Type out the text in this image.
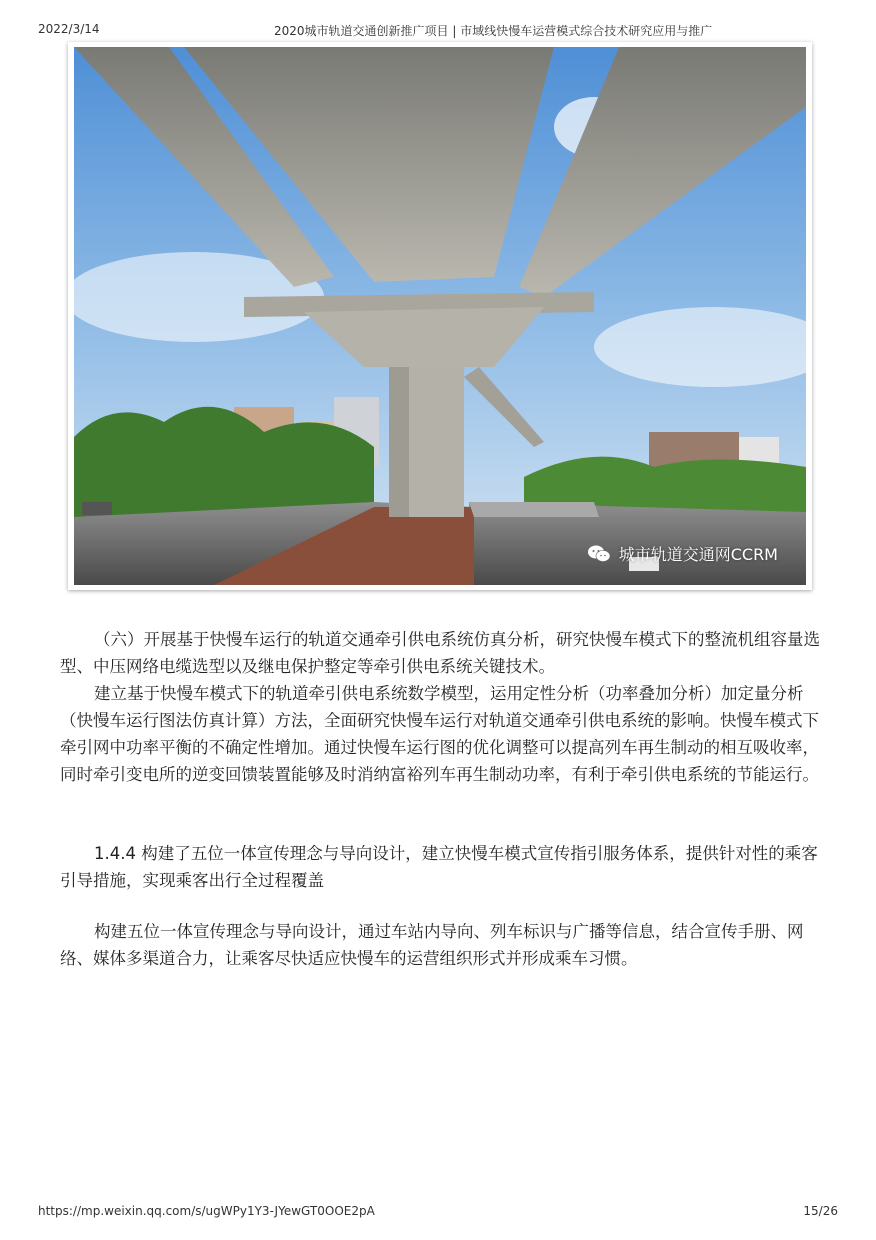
2022/3/14	2020城市轨道交通创新推广项目 | 市域线快慢车运营模式综合技术研究应用与推广
城市轨道交通网CCRM

（六）开展基于快慢车运行的轨道交通牵引供电系统仿真分析，研究快慢车模式下的整流机组容量选型、中压网络电缆选型以及继电保护整定等牵引供电系统关键技术。

建立基于快慢车模式下的轨道牵引供电系统数学模型，运用定性分析（功率叠加分析）加定量分析（快慢车运行图法仿真计算）方法，全面研究快慢车运行对轨道交通牵引供电系统的影响。快慢车模式下牵引网中功率平衡的不确定性增加。通过快慢车运行图的优化调整可以提高列车再生制动的相互吸收率，同时牵引变电所的逆变回馈装置能够及时消纳富裕列车再生制动功率，有利于牵引供电系统的节能运行。

1.4.4 构建了五位一体宣传理念与导向设计，建立快慢车模式宣传指引服务体系，提供针对性的乘客引导措施，实现乘客出行全过程覆盖

构建五位一体宣传理念与导向设计，通过车站内导向、列车标识与广播等信息，结合宣传手册、网络、媒体多渠道合力，让乘客尽快适应快慢车的运营组织形式并形成乘车习惯。

https://mp.weixin.qq.com/s/ugWPy1Y3-JYewGT0OOE2pA	15/26
